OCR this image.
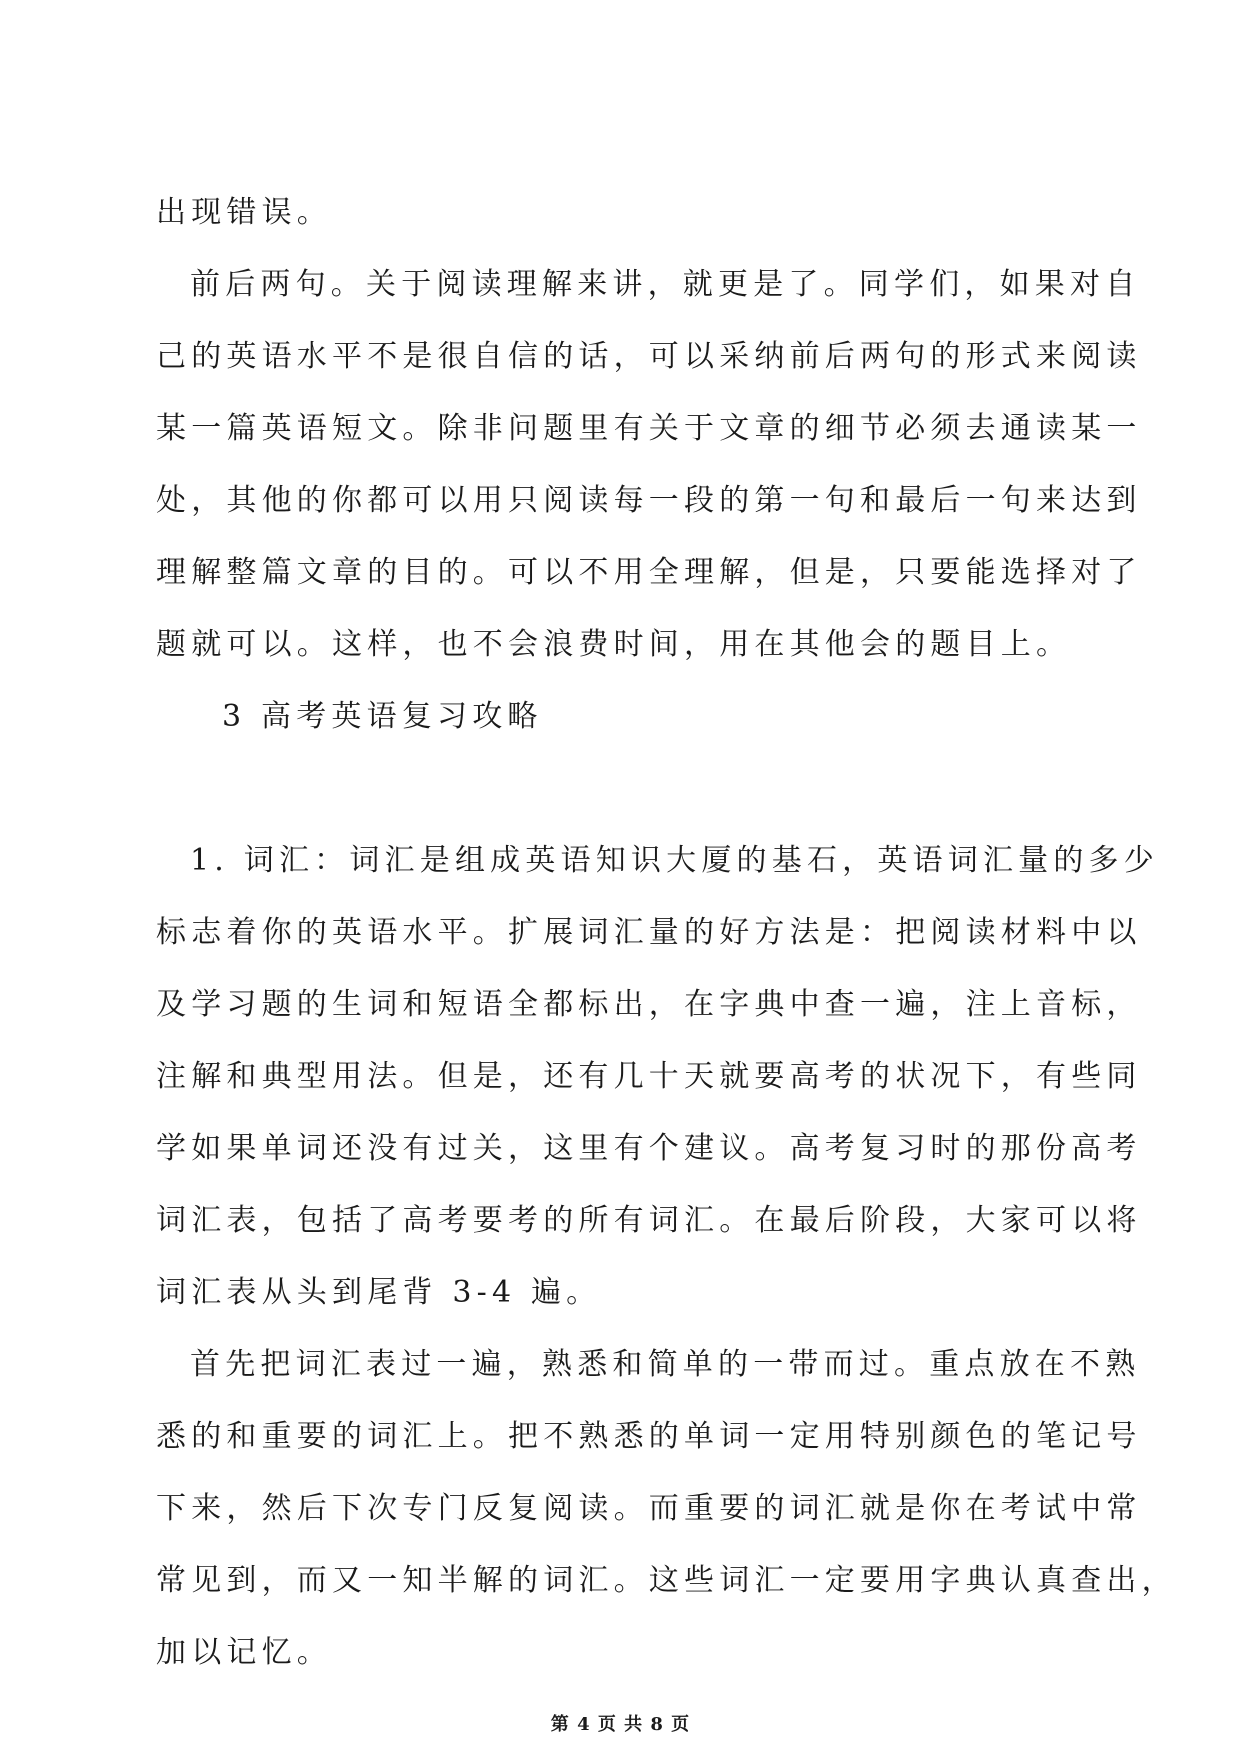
出现错误。
前后两句。关于阅读理解来讲，就更是了。同学们，如果对自
己的英语水平不是很自信的话，可以采纳前后两句的形式来阅读
某一篇英语短文。除非问题里有关于文章的细节必须去通读某一
处，其他的你都可以用只阅读每一段的第一句和最后一句来达到
理解整篇文章的目的。可以不用全理解，但是，只要能选择对了
题就可以。这样，也不会浪费时间，用在其他会的题目上。
3 高考英语复习攻略
1. 词汇：词汇是组成英语知识大厦的基石，英语词汇量的多少
标志着你的英语水平。扩展词汇量的好方法是：把阅读材料中以
及学习题的生词和短语全都标出，在字典中查一遍，注上音标，
注解和典型用法。但是，还有几十天就要高考的状况下，有些同
学如果单词还没有过关，这里有个建议。高考复习时的那份高考
词汇表，包括了高考要考的所有词汇。在最后阶段，大家可以将
词汇表从头到尾背 3-4 遍。
首先把词汇表过一遍，熟悉和简单的一带而过。重点放在不熟
悉的和重要的词汇上。把不熟悉的单词一定用特别颜色的笔记号
下来，然后下次专门反复阅读。而重要的词汇就是你在考试中常
常见到，而又一知半解的词汇。这些词汇一定要用字典认真查出，
加以记忆。
第 4 页 共 8 页
